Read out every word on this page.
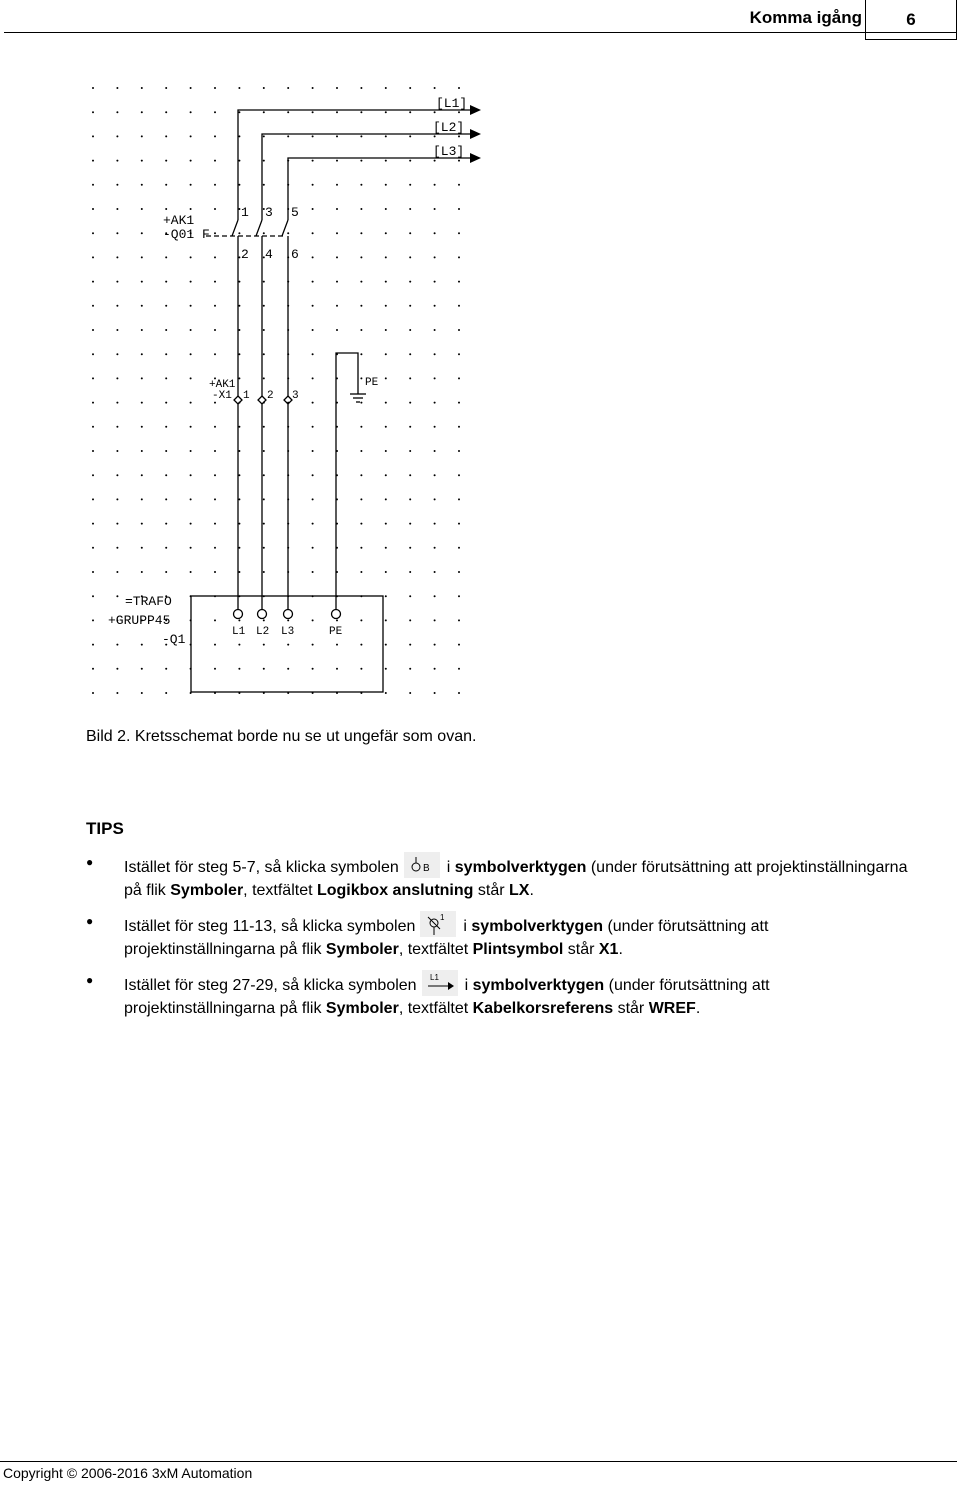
Komma igång	6
[L1]
[L2]
[L3]
+AK1
-Q01 F
1 3 5
2 4 6
+AK1
-X1 1 2 3
PE
=TRAFO
+GRUPP45
-Q1	L1 L2 L3	PE
Bild 2. Kretsschemat borde nu se ut ungefär som ovan.
TIPS
● Istället för steg 5-7, så klicka symbolen B i symbolverktygen (under förutsättning att projektinställningarna på flik Symboler, textfältet Logikbox anslutning står LX.
● Istället för steg 11-13, så klicka symbolen
1
i symbolverktygen (under förutsättning att projektinställningarna på flik Symboler, textfältet Plintsymbol står X1.
● Istället för steg 27-29, så klicka symbolen L1 i symbolverktygen (under förutsättning att projektinställningarna på flik Symboler, textfältet Kabelkorsreferens står WREF.
Copyright © 2006-2016 3xM Automation
